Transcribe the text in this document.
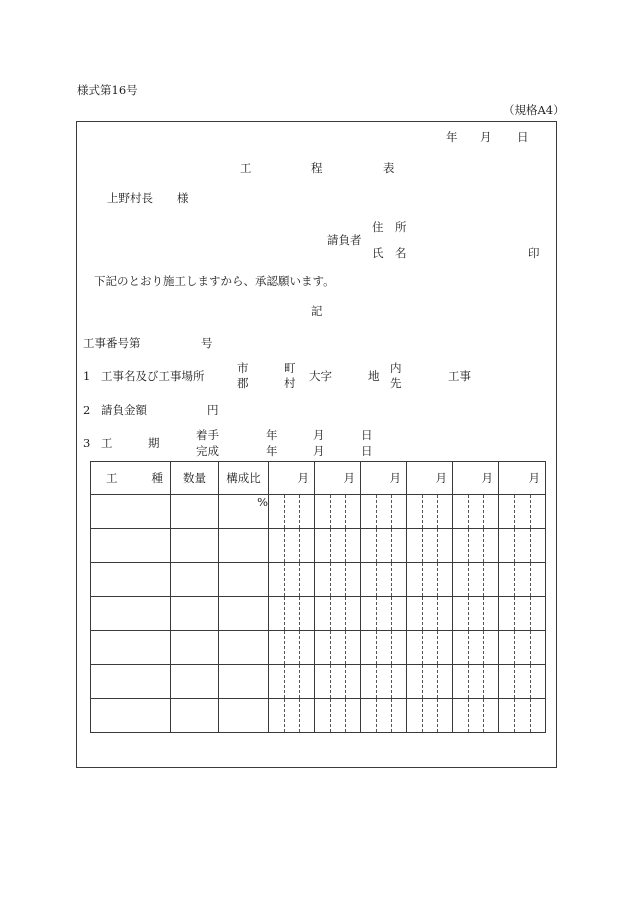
様式第16号
（規格A4）
年 月 日
工	程	表
上野村長 様
住　所
請負者
氏　名	印
下記のとおり施工しますから、承認願います。
記
工事番号第	号
1 工事名及び工事場所
市
郡
町
村 大字	地
内
先	工事
2 請負金額	円
3 工	期
着手	年	月	日
完成	年	月	日
工 種	数量	構成比	月	月	月	月	月	月
		%						
